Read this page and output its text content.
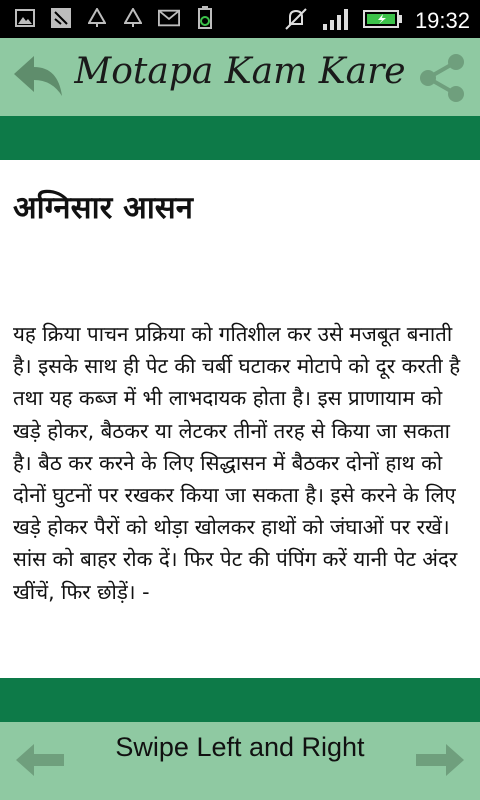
19:32
Motapa Kam Kare
अग्निसार आसन
यह क्रिया पाचन प्रक्रिया को गतिशील कर उसे मजबूत बनाती है। इसके साथ ही पेट की चर्बी घटाकर मोटापे को दूर करती है तथा यह कब्ज में भी लाभदायक होता है। इस प्राणायाम को खड़े होकर, बैठकर या लेटकर तीनों तरह से किया जा सकता है। बैठ कर करने के लिए सिद्धासन में बैठकर दोनों हाथ को दोनों घुटनों पर रखकर किया जा सकता है। इसे करने के लिए खड़े होकर पैरों को थोड़ा खोलकर हाथों को जंघाओं पर रखें। सांस को बाहर रोक दें। फिर पेट की पंपिंग करें यानी पेट अंदर खींचें, फिर छोड़ें। -
Swipe Left and Right
